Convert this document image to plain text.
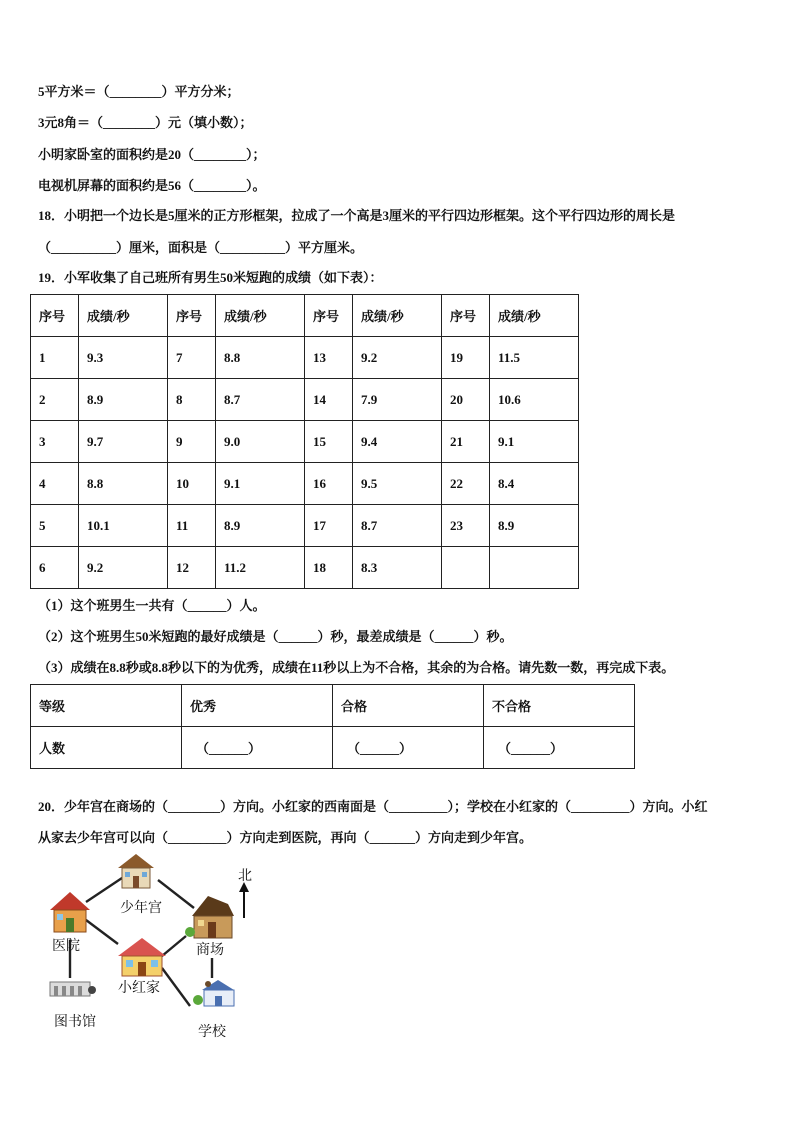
5平方米＝（________）平方分米；
3元8角＝（________）元（填小数）；
小明家卧室的面积约是20（________）；
电视机屏幕的面积约是56（________）。
18．小明把一个边长是5厘米的正方形框架，拉成了一个高是3厘米的平行四边形框架。这个平行四边形的周长是
（__________）厘米，面积是（__________）平方厘米。
19．小军收集了自己班所有男生50米短跑的成绩（如下表）：
序号	成绩/秒	序号	成绩/秒	序号	成绩/秒	序号	成绩/秒
1	9.3	7	8.8	13	9.2	19	11.5
2	8.9	8	8.7	14	7.9	20	10.6
3	9.7	9	9.0	15	9.4	21	9.1
4	8.8	10	9.1	16	9.5	22	8.4
5	10.1	11	8.9	17	8.7	23	8.9
6	9.2	12	11.2	18	8.3		
（1）这个班男生一共有（______）人。
（2）这个班男生50米短跑的最好成绩是（______）秒，最差成绩是（______）秒。
（3）成绩在8.8秒或8.8秒以下的为优秀，成绩在11秒以上为不合格，其余的为合格。请先数一数，再完成下表。
等级	优秀	合格	不合格
人数	（______）	（______）	（______）
20．少年宫在商场的（________）方向。小红家的西南面是（_________）；学校在小红家的（_________）方向。小红
从家去少年宫可以向（_________）方向走到医院，再向（_______）方向走到少年宫。
北
少年宫
医院	商场
小红家
图书馆
学校
